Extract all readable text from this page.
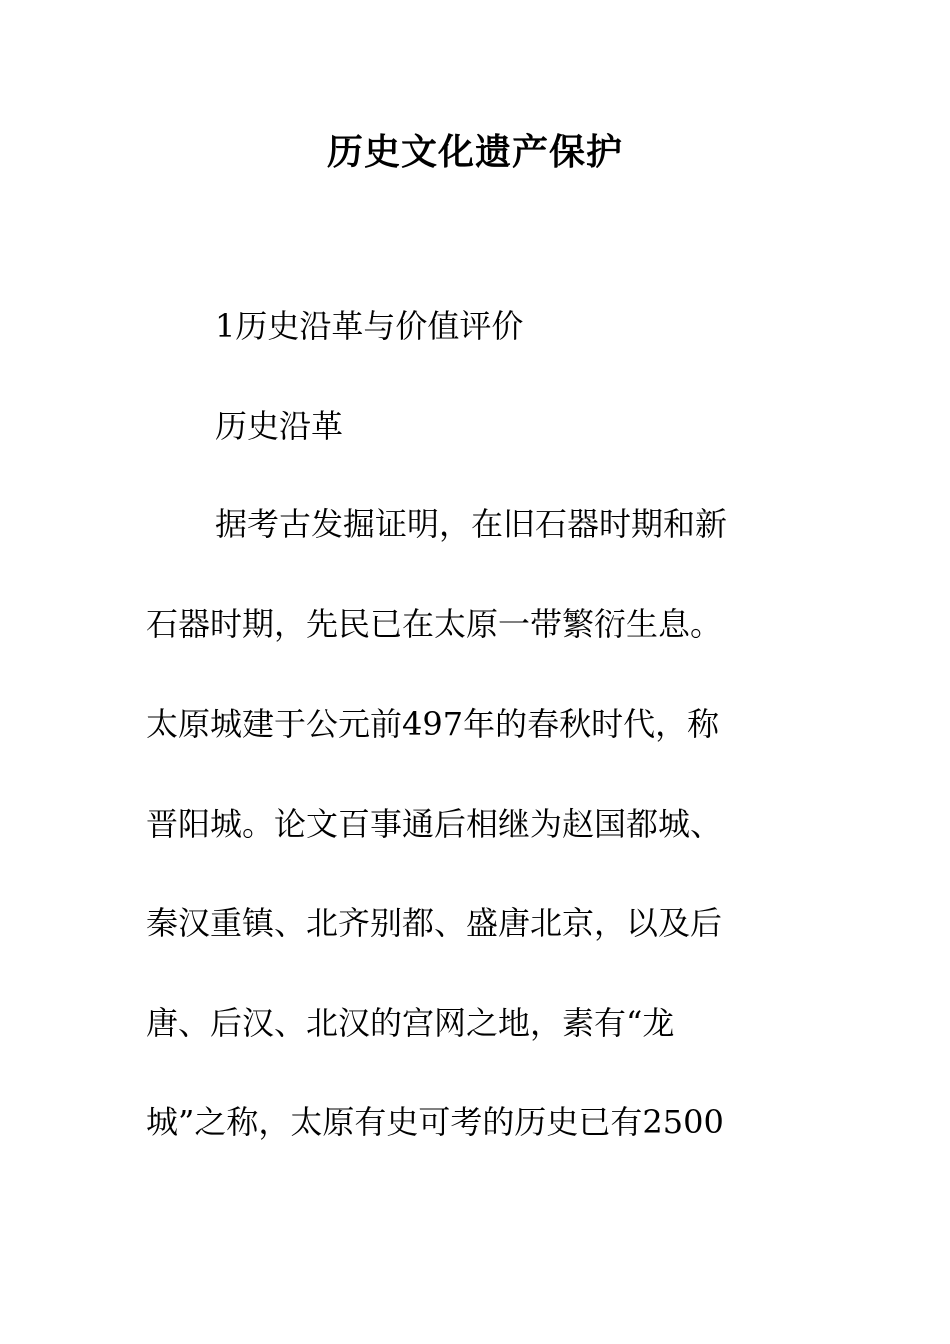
历史文化遗产保护
1历史沿革与价值评价
历史沿革
据考古发掘证明，在旧石器时期和新
石器时期，先民已在太原一带繁衍生息。
太原城建于公元前497年的春秋时代，称
晋阳城。论文百事通后相继为赵国都城、
秦汉重镇、北齐别都、盛唐北京，以及后
唐、后汉、北汉的宫网之地，素有“龙
城”之称，太原有史可考的历史已有2500
